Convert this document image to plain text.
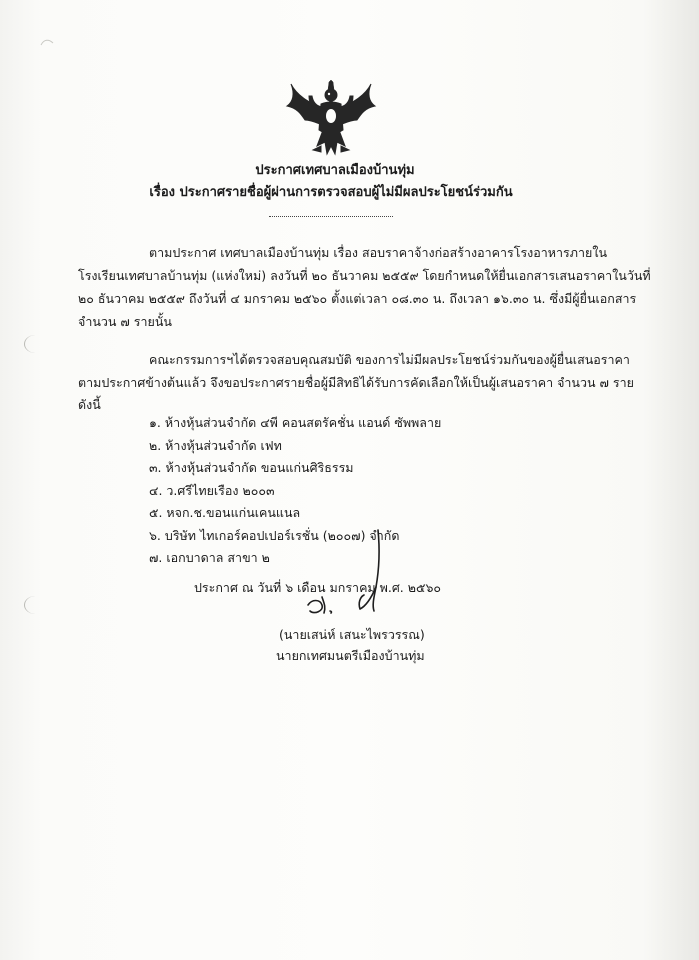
ประกาศเทศบาลเมืองบ้านทุ่ม

เรื่อง ประกาศรายชื่อผู้ผ่านการตรวจสอบผู้ไม่มีผลประโยชน์ร่วมกัน

ตามประกาศ เทศบาลเมืองบ้านทุ่ม เรื่อง สอบราคาจ้างก่อสร้างอาคารโรงอาหารภายใน

โรงเรียนเทศบาลบ้านทุ่ม (แห่งใหม่) ลงวันที่ ๒๐ ธันวาคม ๒๕๕๙ โดยกำหนดให้ยื่นเอกสารเสนอราคาในวันที่

๒๐ ธันวาคม ๒๕๕๙ ถึงวันที่ ๔ มกราคม ๒๕๖๐ ตั้งแต่เวลา ๐๘.๓๐ น. ถึงเวลา ๑๖.๓๐ น. ซึ่งมีผู้ยื่นเอกสาร

จำนวน ๗ รายนั้น

คณะกรรมการฯได้ตรวจสอบคุณสมบัติ ของการไม่มีผลประโยชน์ร่วมกันของผู้ยื่นเสนอราคา

ตามประกาศข้างต้นแล้ว จึงขอประกาศรายชื่อผู้มีสิทธิได้รับการคัดเลือกให้เป็นผู้เสนอราคา จำนวน ๗ ราย

ดังนี้

๑. ห้างหุ้นส่วนจำกัด ๔พี คอนสตรัคชั่น แอนด์ ซัพพลาย

๒. ห้างหุ้นส่วนจำกัด เฟท

๓. ห้างหุ้นส่วนจำกัด ขอนแก่นศิริธรรม

๔. ว.ศรีไทยเรือง ๒๐๐๓

๕. หจก.ช.ขอนแก่นเคนแนล

๖. บริษัท ไทเกอร์คอปเปอร์เรชั่น (๒๐๐๗) จำกัด

๗. เอกบาดาล สาขา ๒

ประกาศ ณ วันที่ ๖ เดือน มกราคม พ.ศ. ๒๕๖๐

(นายเสน่ห์ เสนะไพรวรรณ)

นายกเทศมนตรีเมืองบ้านทุ่ม
